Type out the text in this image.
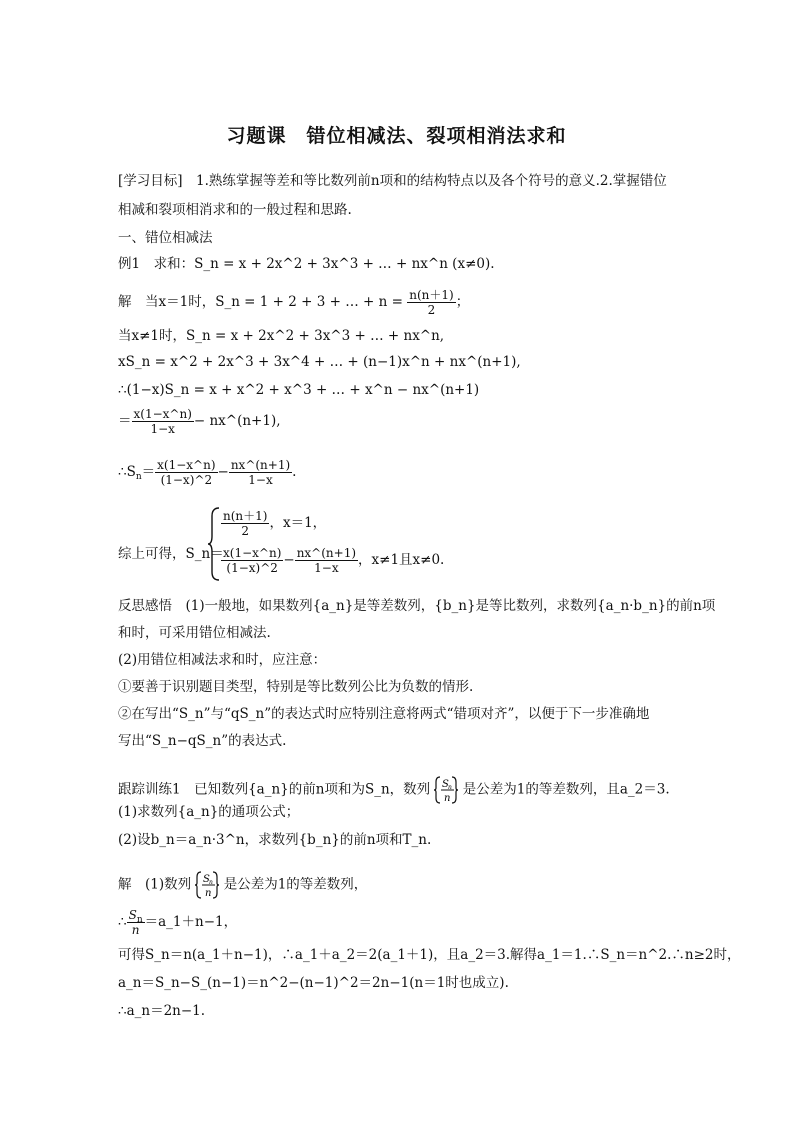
习题课　错位相减法、裂项相消法求和
[学习目标]　1.熟练掌握等差和等比数列前n项和的结构特点以及各个符号的意义.2.掌握错位
相减和裂项相消求和的一般过程和思路.
一、错位相减法
例1　求和：S_n = x + 2x^2 + 3x^3 + … + nx^n (x≠0).
解　当x＝1时，S_n = 1 + 2 + 3 + … + $n = \frac{n(n+1)}{2}$ ；
当x≠1时，S_n = x + 2x^2 + 3x^3 + … + nx^n,
xS_n = x^2 + 2x^3 + 3x^4 + … + (n−1)x^n + nx^(n+1),
∴(1−x)S_n = x + x^2 + x^3 + … + x^n − nx^(n+1)
＝ $\frac{x(1-x\^{}n)}{1-x}$ − nx^(n+1),
$\therefore S_n= \frac{x(1-x\^{}n)}{(1-x)\^{}2} - \frac{nx\^{}(n+1)}{1-x}$ .
综上可得，S_n＝
$\frac{n(n+1)}{2}$ ，x＝1，
$\frac{x(1-x\^{}n)}{(1-x)\^{}2} - \frac{nx\^{}(n+1)}{1-x}$ ，x≠1且x≠0.
反思感悟　(1)一般地，如果数列{a_n}是等差数列，{b_n}是等比数列，求数列{a_n·b_n}的前n项
和时，可采用错位相减法.
(2)用错位相减法求和时，应注意：
①要善于识别题目类型，特别是等比数列公比为负数的情形.
②在写出“S_n”与“qS_n”的表达式时应特别注意将两式“错项对齐”，以便于下一步准确地
写出“S_n−qS_n”的表达式.
跟踪训练1　已知数列{a_n}的前n项和为S_n，数列 S n
n
是公差为1的等差数列，且a_2＝3.
(1)求数列{a_n}的通项公式；
(2)设b_n＝a_n·3^n，求数列{b_n}的前n项和T_n.
解　(1)数列 S n
n
是公差为1的等差数列，
∴ $\frac{S_n}{n}$ ＝a_1＋n−1，
可得S_n＝n(a_1＋n−1)，∴a_1＋a_2＝2(a_1＋1)，且a_2＝3.解得a_1＝1.∴S_n＝n^2.∴n≥2时，
a_n＝S_n−S_(n−1)＝n^2−(n−1)^2＝2n−1(n＝1时也成立).
∴a_n＝2n−1.
